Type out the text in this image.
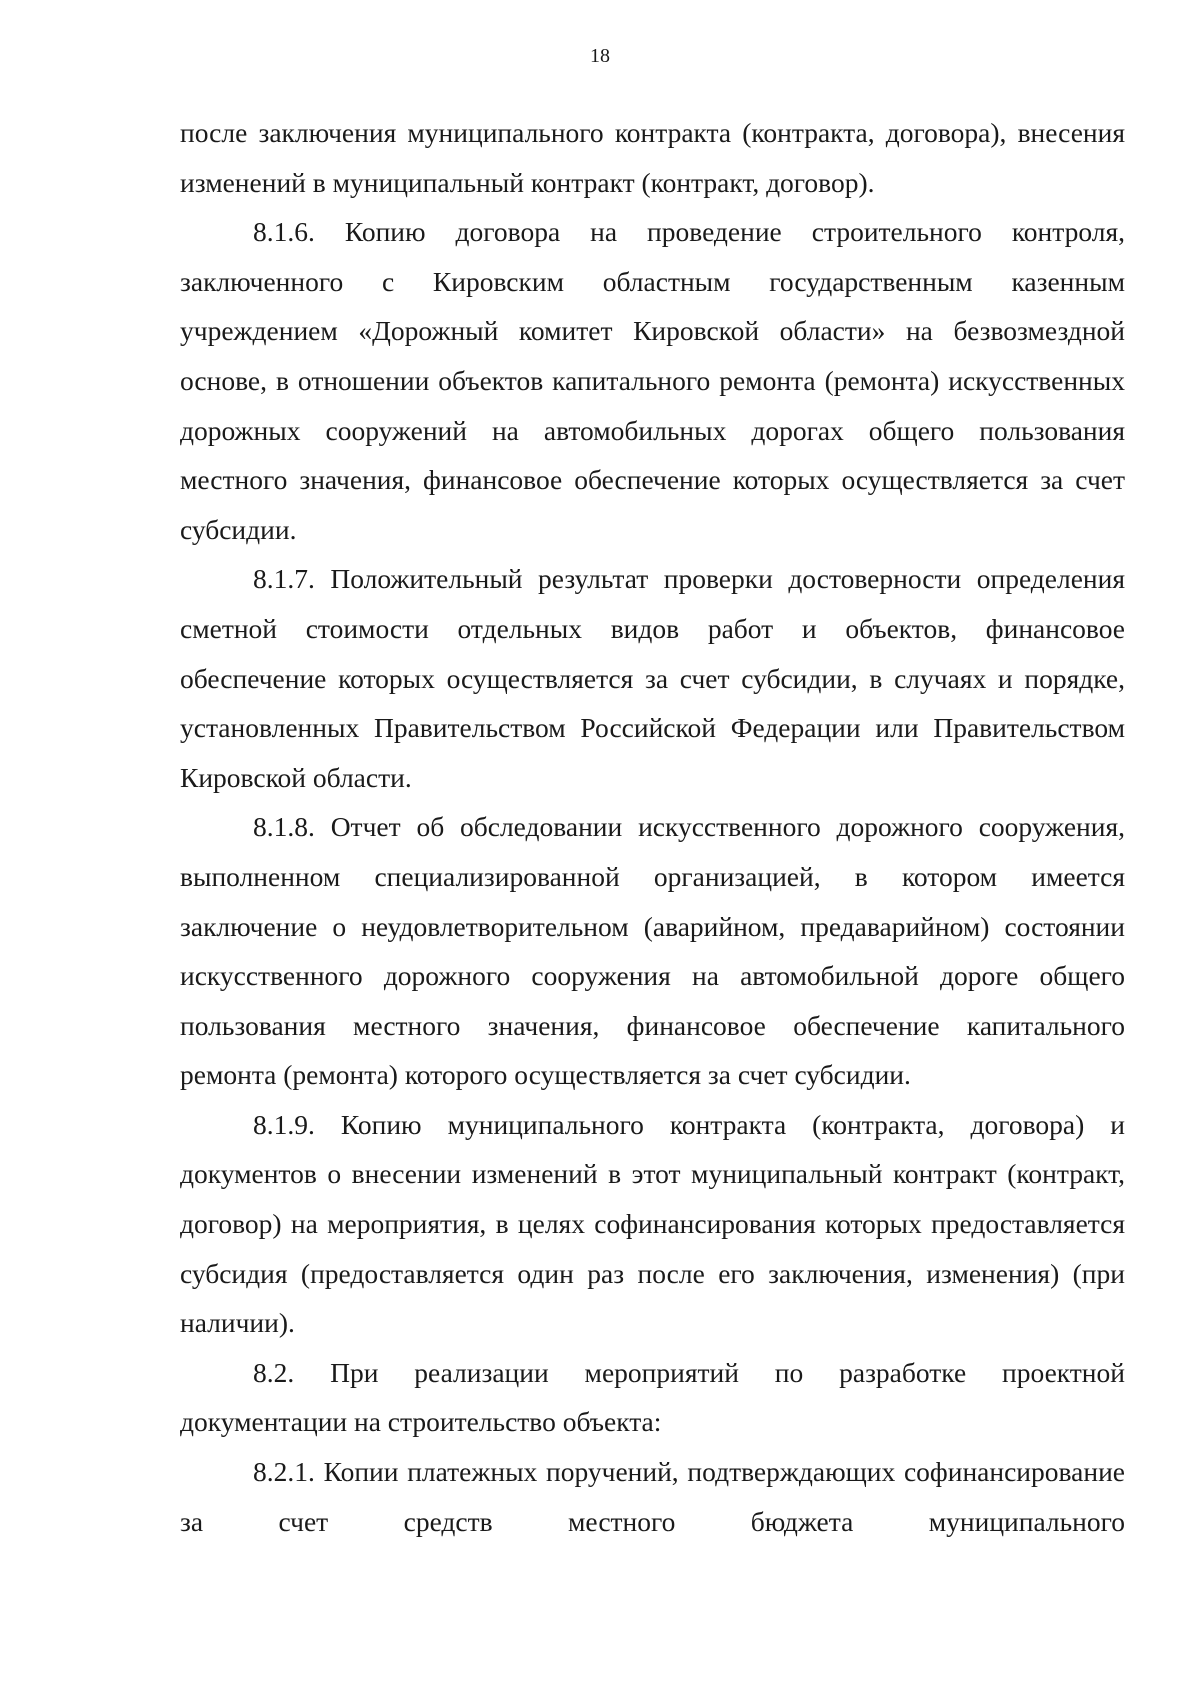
18

после заключения муниципального контракта (контракта, договора), внесения изменений в муниципальный контракт (контракт, договор).

8.1.6. Копию договора на проведение строительного контроля, заключенного с Кировским областным государственным казенным учреждением «Дорожный комитет Кировской области» на безвозмездной основе, в отношении объектов капитального ремонта (ремонта) искусственных дорожных сооружений на автомобильных дорогах общего пользования местного значения, финансовое обеспечение которых осуществляется за счет субсидии.

8.1.7. Положительный результат проверки достоверности определения сметной стоимости отдельных видов работ и объектов, финансовое обеспечение которых осуществляется за счет субсидии, в случаях и порядке, установленных Правительством Российской Федерации или Правительством Кировской области.

8.1.8. Отчет об обследовании искусственного дорожного сооружения, выполненном специализированной организацией, в котором имеется заключение о неудовлетворительном (аварийном, предаварийном) состоянии искусственного дорожного сооружения на автомобильной дороге общего пользования местного значения, финансовое обеспечение капитального ремонта (ремонта) которого осуществляется за счет субсидии.

8.1.9. Копию муниципального контракта (контракта, договора) и документов о внесении изменений в этот муниципальный контракт (контракт, договор) на мероприятия, в целях софинансирования которых предоставляется субсидия (предоставляется один раз после его заключения, изменения) (при наличии).

8.2. При реализации мероприятий по разработке проектной документации на строительство объекта:

8.2.1. Копии платежных поручений, подтверждающих софинансирование за счет средств местного бюджета муниципального
